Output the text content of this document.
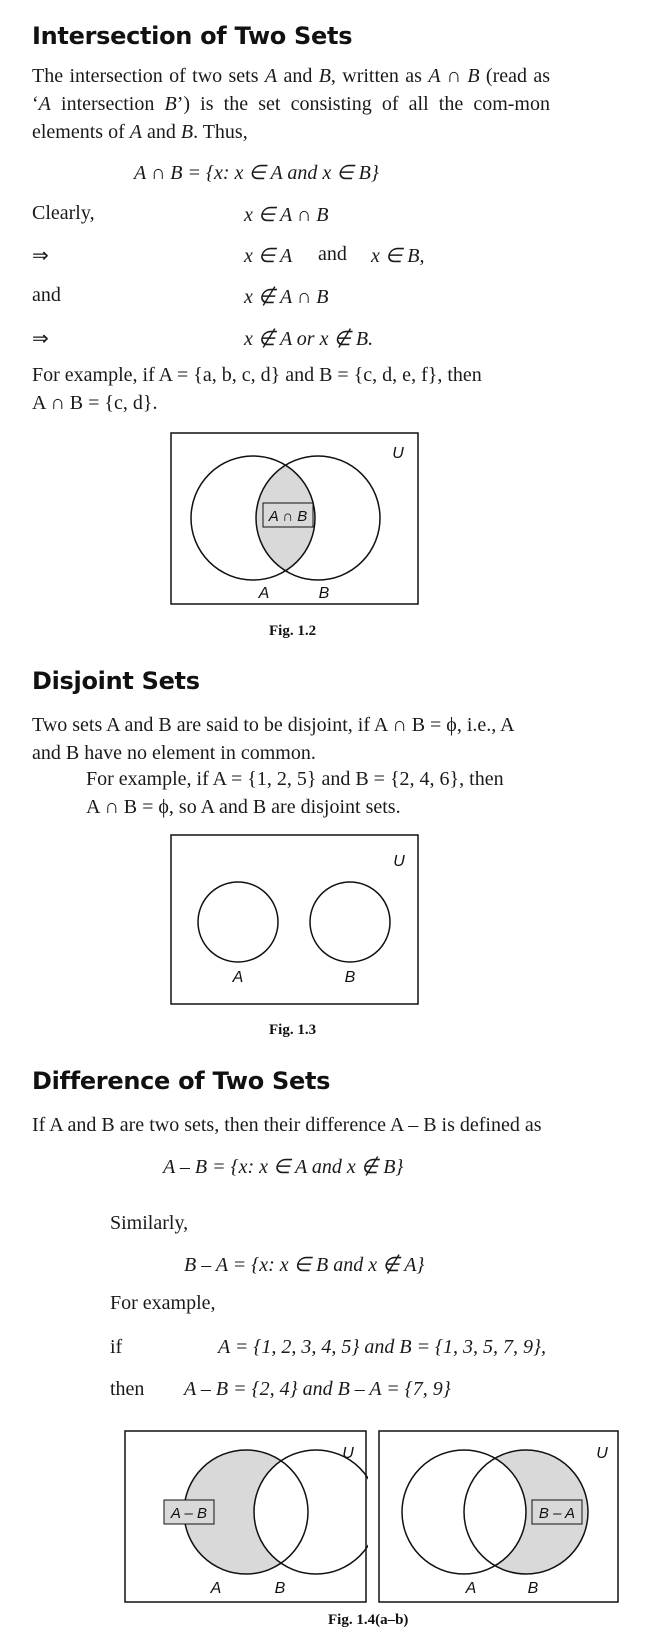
Intersection of Two Sets

The intersection of two sets A and B, written as A ∩ B (read as ‘A intersection B’) is the set consisting of all the com-mon elements of A and B. Thus,

A ∩ B = {x: x ∈ A and x ∈ B}
Clearly,	x ∈ A ∩ B
⇒	x ∈ A and x ∈ B,
and	x ∉ A ∩ B
⇒	x ∉ A or x ∉ B.
For example, if A = {a, b, c, d} and B = {c, d, e, f}, then
A ∩ B = {c, d}.
A ∩ B
U
A	B
Fig. 1.2
Disjoint Sets
Two sets A and B are said to be disjoint, if A ∩ B = ϕ, i.e., A
and B have no element in common.
For example, if A = {1, 2, 5} and B = {2, 4, 6}, then
A ∩ B = ϕ, so A and B are disjoint sets.
U
A	B
Fig. 1.3
Difference of Two Sets
If A and B are two sets, then their difference A – B is defined as
A – B = {x: x ∈ A and x ∉ B}
Similarly,
B – A = {x: x ∈ B and x ∉ A}
For example,
if	A = {1, 2, 3, 4, 5} and B = {1, 3, 5, 7, 9},
then A – B = {2, 4} and B – A = {7, 9}
A – B
U
A	B
B – A
U
A	B
Fig. 1.4(a–b)
